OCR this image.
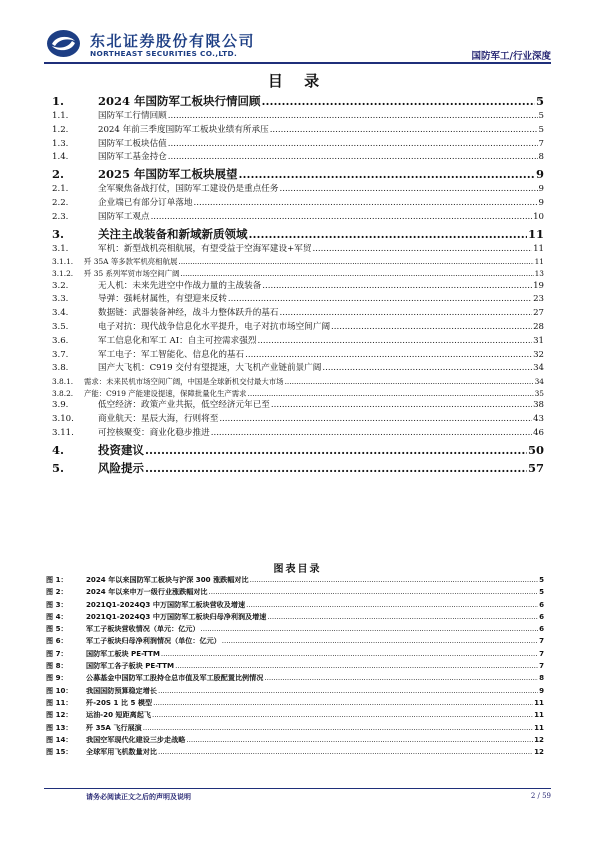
东北证券股份有限公司
NORTHEAST SECURITIES CO.,LTD.	国防军工/行业深度
目 录
1.	2024 年国防军工板块行情回顾 .....	5
1.1.	国防军工行情回顾 .....	5
1.2.	2024 年前三季度国防军工板块业绩有所承压 .....	5
1.3.	国防军工板块估值 .....	7
1.4.	国防军工基金持仓 .....	8
2.	2025 年国防军工板块展望 .....	9
2.1.	全军聚焦备战打仗，国防军工建设仍是重点任务 .....	9
2.2.	企业端已有部分订单落地 .....	9
2.3.	国防军工观点 .....	10
3.	关注主战装备和新域新质领域 .....	11
3.1.	军机：新型战机亮相航展，有望受益于空海军建设+军贸 .....	11
3.1.1.	歼 35A 等多款军机亮相航展 .....	11
3.1.2.	歼 35 系列军贸市场空间广阔 .....	13
3.2.	无人机：未来先进空中作战力量的主战装备 .....	19
3.3.	导弹：强耗材属性，有望迎来反转 .....	23
3.4.	数据链：武器装备神经，战斗力整体跃升的基石 .....	27
3.5.	电子对抗：现代战争信息化水平提升，电子对抗市场空间广阔 .....	28
3.6.	军工信息化和军工 AI：自主可控需求强烈 .....	31
3.7.	军工电子：军工智能化、信息化的基石 .....	32
3.8.	国产大飞机：C919 交付有望提速，大飞机产业链前景广阔 .....	34
3.8.1.	需求：未来民机市场空间广阔，中国是全球新机交付最大市场 .....	34
3.8.2.	产能：C919 产能建设提速，保障批量化生产需求 .....	35
3.9.	低空经济：政策产业共振，低空经济元年已至 .....	38
3.10.	商业航天：星辰大海，行则将至 .....	43
3.11.	可控核聚变：商业化稳步推进 .....	46
4.	投资建议 .....	50
5.	风险提示 .....	57
图表目录
图 1：	2024 年以来国防军工板块与沪深 300 涨跌幅对比 .....	5
图 2：	2024 年以来申万一级行业涨跌幅对比 .....	5
图 3：	2021Q1-2024Q3 中万国防军工板块营收及增速 .....	6
图 4：	2021Q1-2024Q3 中万国防军工板块归母净利润及增速 .....	6
图 5：	军工子板块营收情况（单元：亿元） .....	6
图 6：	军工子板块归母净利润情况（单位：亿元） .....	7
图 7：	国防军工板块 PE-TTM .....	7
图 8：	国防军工各子板块 PE-TTM .....	7
图 9：	公募基金中国防军工股持仓总市值及军工股配置比例情况 .....	8
图 10：	我国国防预算稳定增长 .....	9
图 11：	歼-20S 1 比 5 模型 .....	11
图 12：	运油-20 短距离起飞 .....	11
图 13：	歼 35A 飞行展演 .....	11
图 14：	我国空军现代化建设三步走战略 .....	12
图 15：	全球军用飞机数量对比 .....	12
请务必阅读正文之后的声明及说明	2 / 59
